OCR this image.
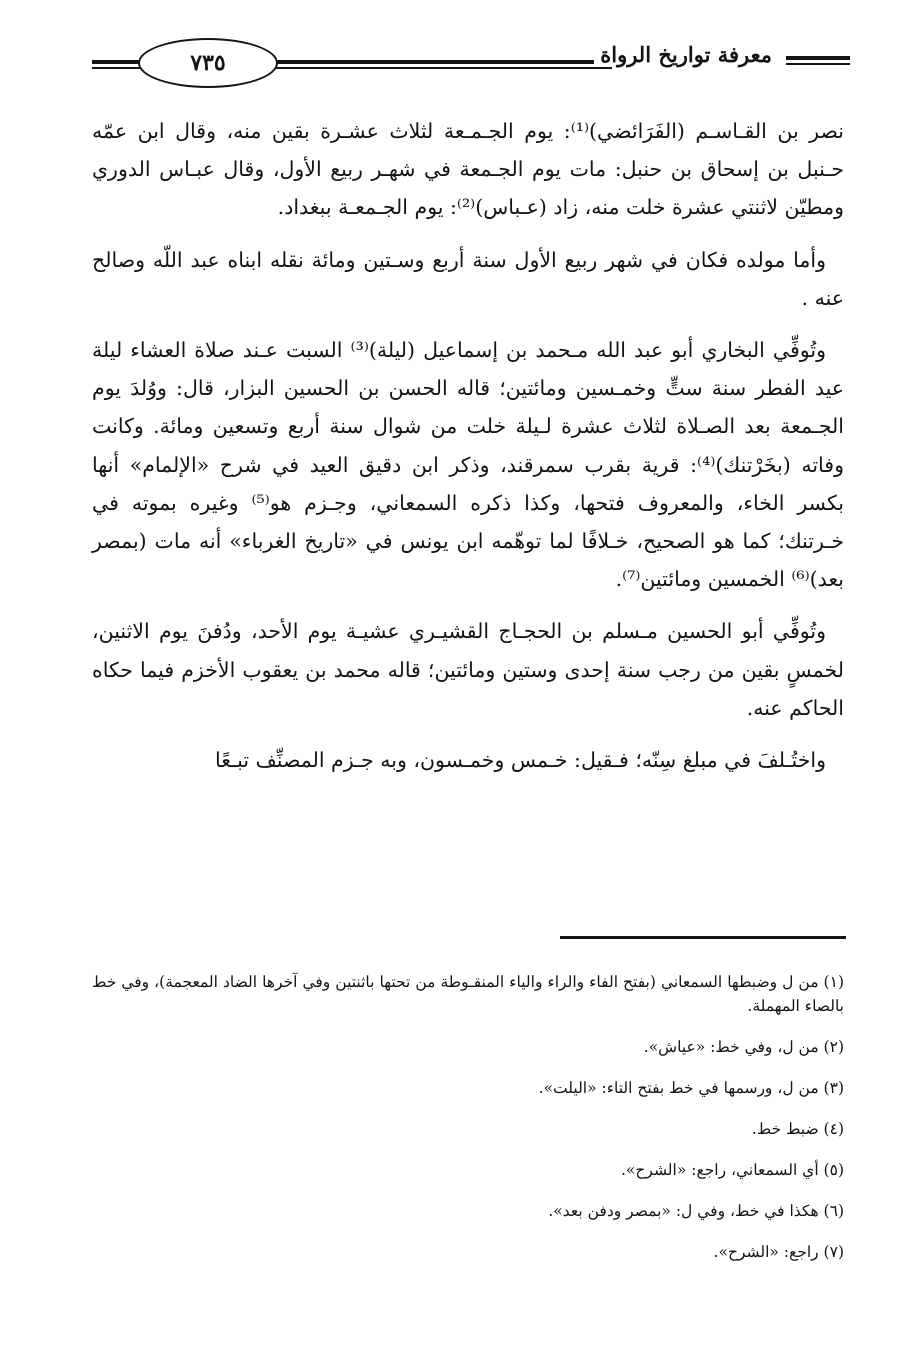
معرفة تواريخ الرواة
٧٣٥

نصر بن القـاسـم (الفَرَائضي)⁽¹⁾: يوم الجـمـعة لثلاث عشـرة بقين منه، وقال ابن عمّه حـنبل بن إسحاق بن حنبل: مات يوم الجـمعة في شهـر ربيع الأول، وقال عبـاس الدوري ومطيّن لاثنتي عشرة خلت منه، زاد (عـباس)⁽²⁾: يوم الجـمعـة ببغداد.

وأما مولده فكان في شهر ربيع الأول سنة أربع وسـتين ومائة نقله ابناه عبد اللّه وصالح عنه .

وتُوفِّي البخاري أبو عبد الله مـحمد بن إسماعيل (ليلة)⁽³⁾ السبت عـند صلاة العشاء ليلة عيد الفطر سنة ستٍّ وخمـسين ومائتين؛ قاله الحسن بن الحسين البزار، قال: ووُلدَ يوم الجـمعة بعد الصـلاة لثلاث عشرة لـيلة خلت من شوال سنة أربع وتسعين ومائة. وكانت وفاته (بخَرْتنك)⁽⁴⁾: قرية بقرب سمرقند، وذكر ابن دقيق العيد في شرح «الإلمام» أنها بكسر الخاء، والمعروف فتحها، وكذا ذكره السمعاني، وجـزم هو⁽⁵⁾ وغيره بموته في خـرتنك؛ كما هو الصحيح، خـلافًا لما توهّمه ابن يونس في «تاريخ الغرباء» أنه مات (بمصر بعد)⁽⁶⁾ الخمسين ومائتين⁽⁷⁾.

وتُوفِّي أبو الحسين مـسلم بن الحجـاج القشيـري عشيـة يوم الأحد، ودُفنَ يوم الاثنين، لخمسٍ بقين من رجب سنة إحدى وستين ومائتين؛ قاله محمد بن يعقوب الأخزم فيما حكاه الحاكم عنه.

واختُـلفَ في مبلغ سِنّه؛ فـقيل: خـمس وخمـسون، وبه جـزم المصنِّف تبـعًا

(١) من ل وضبطها السمعاني (بفتح الفاء والراء والياء المنقـوطة من تحتها باثنتين وفي آخرها الضاد المعجمة)، وفي خط بالصاء المهملة.
(٢) من ل، وفي خط: «عياش».
(٣) من ل، ورسمها في خط بفتح التاء: «اليلت».
(٤) ضبط خط.
(٥) أي السمعاني، راجع: «الشرح».
(٦) هكذا في خط، وفي ل: «بمصر ودفن بعد».
(٧) راجع: «الشرح».
